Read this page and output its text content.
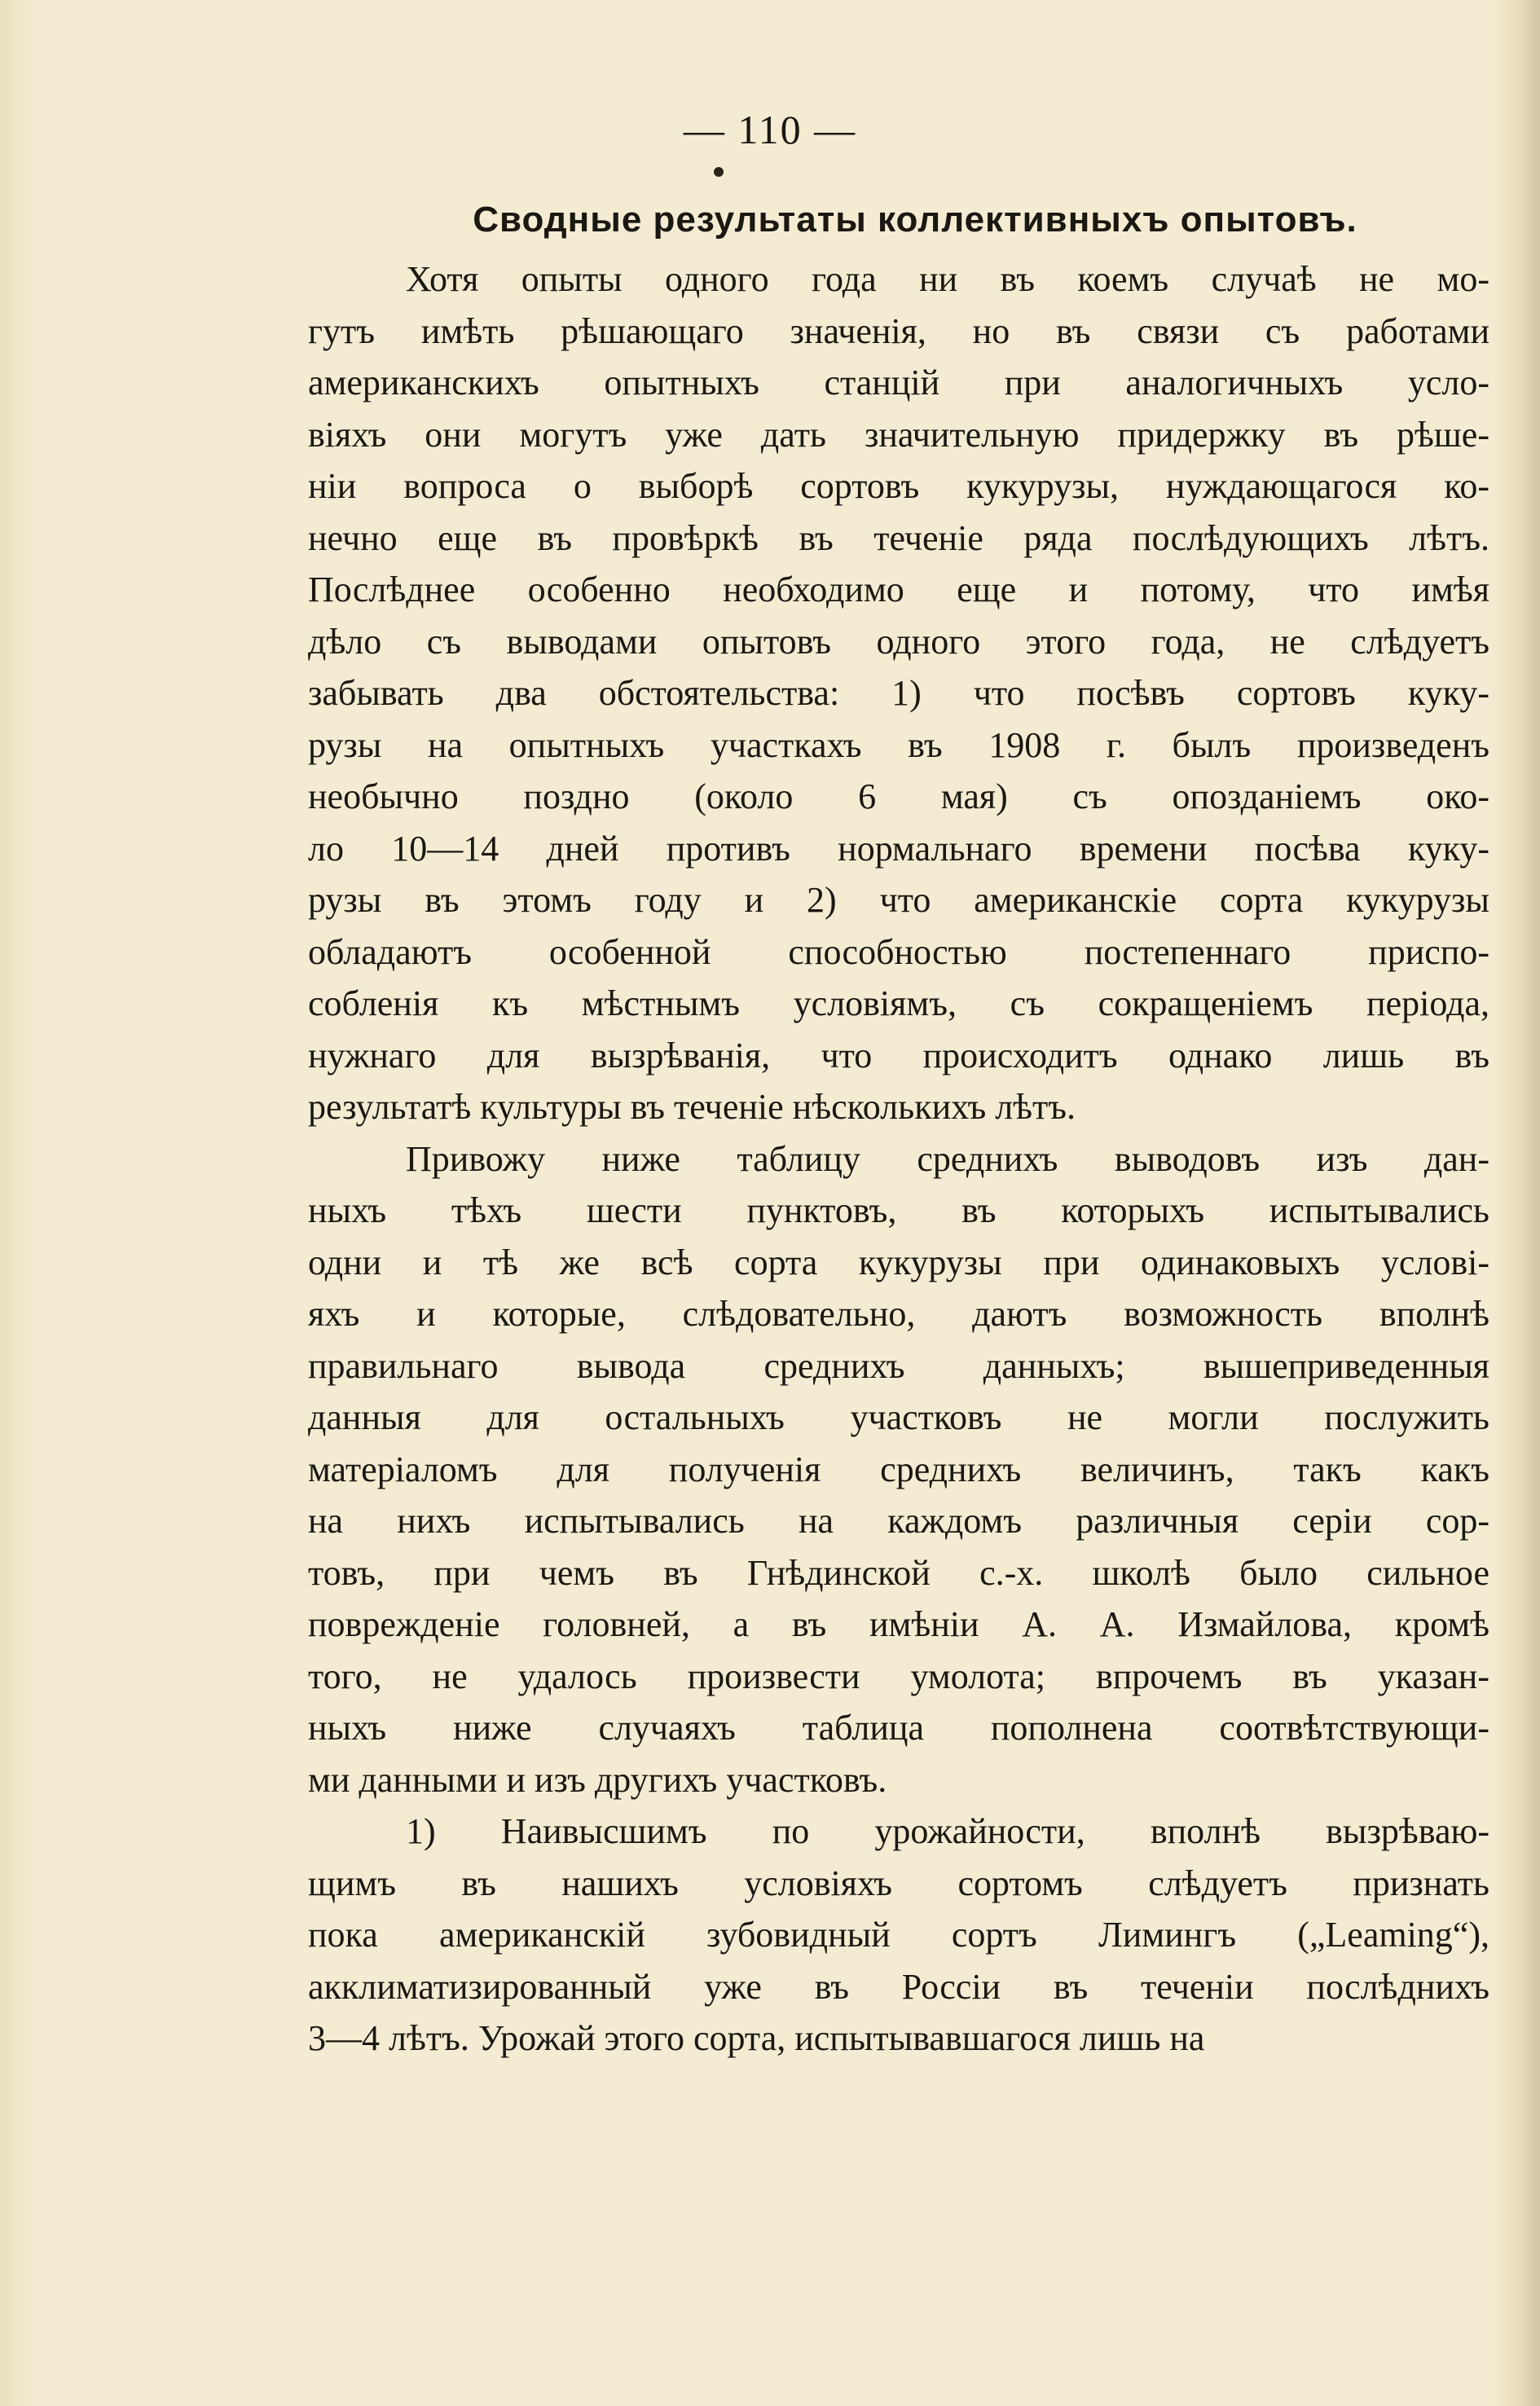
— 110 —
Сводные результаты коллективныхъ опытовъ.
Хотя опыты одного года ни въ коемъ случаѣ не мо-
гутъ имѣть рѣшающаго значенія, но въ связи съ работами
американскихъ опытныхъ станцій при аналогичныхъ усло-
віяхъ они могутъ уже дать значительную придержку въ рѣше-
ніи вопроса о выборѣ сортовъ кукурузы, нуждающагося ко-
нечно еще въ провѣркѣ въ теченіе ряда послѣдующихъ лѣтъ.
Послѣднее особенно необходимо еще и потому, что имѣя
дѣло съ выводами опытовъ одного этого года, не слѣдуетъ
забывать два обстоятельства: 1) что посѣвъ сортовъ куку-
рузы на опытныхъ участкахъ въ 1908 г. былъ произведенъ
необычно поздно (около 6 мая) съ опозданіемъ око-
ло 10—14 дней противъ нормальнаго времени посѣва куку-
рузы въ этомъ году и 2) что американскіе сорта кукурузы
обладаютъ особенной способностью постепеннаго приспо-
собленія къ мѣстнымъ условіямъ, съ сокращеніемъ періода,
нужнаго для вызрѣванія, что происходитъ однако лишь въ
результатѣ культуры въ теченіе нѣсколькихъ лѣтъ.
Привожу ниже таблицу среднихъ выводовъ изъ дан-
ныхъ тѣхъ шести пунктовъ, въ которыхъ испытывались
одни и тѣ же всѣ сорта кукурузы при одинаковыхъ услові-
яхъ и которые, слѣдовательно, даютъ возможность вполнѣ
правильнаго вывода среднихъ данныхъ; вышеприведенныя
данныя для остальныхъ участковъ не могли послужить
матеріаломъ для полученія среднихъ величинъ, такъ какъ
на нихъ испытывались на каждомъ различныя серіи сор-
товъ, при чемъ въ Гнѣдинской с.-х. школѣ было сильное
поврежденіе головней, а въ имѣніи А. А. Измайлова, кромѣ
того, не удалось произвести умолота; впрочемъ въ указан-
ныхъ ниже случаяхъ таблица пополнена соотвѣтствующи-
ми данными и изъ другихъ участковъ.
1) Наивысшимъ по урожайности, вполнѣ вызрѣваю-
щимъ въ нашихъ условіяхъ сортомъ слѣдуетъ признать
пока американскій зубовидный сортъ Лимингъ („Leaming“),
акклиматизированный уже въ Россіи въ теченіи послѣднихъ
3—4 лѣтъ. Урожай этого сорта, испытывавшагося лишь на
